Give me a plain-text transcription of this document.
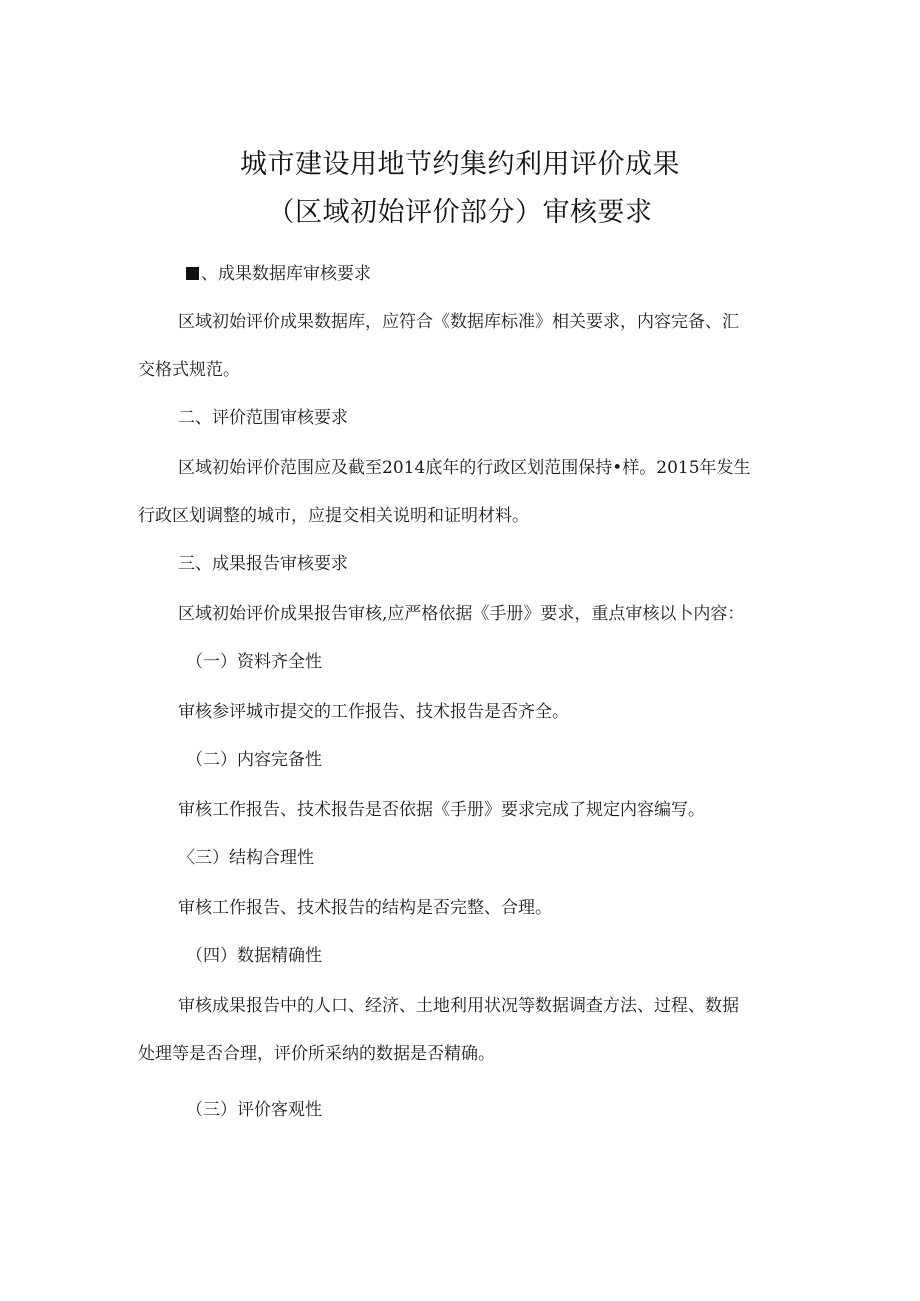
城市建设用地节约集约利用评价成果
（区域初始评价部分）审核要求
、成果数据库审核要求
区域初始评价成果数据库，应符合《数据库标准》相关要求，内容完备、汇
交格式规范。
二、评价范围审核要求
区域初始评价范围应及截至2014底年的行政区划范围保持•样。2015年发生
行政区划调整的城市，应提交相关说明和证明材料。
三、成果报告审核要求
区域初始评价成果报告审核,应严格依据《手册》要求，重点审核以卜内容：
（一）资料齐全性
审核参评城市提交的工作报告、技术报告是否齐全。
（二）内容完备性
审核工作报告、技术报告是否依据《手册》要求完成了规定内容编写。
〈三）结构合理性
审核工作报告、技术报告的结构是否完整、合理。
（四）数据精确性
审核成果报告中的人口、经济、土地利用状况等数据调查方法、过程、数据
处理等是否合理，评价所采纳的数据是否精确。
（三）评价客观性
